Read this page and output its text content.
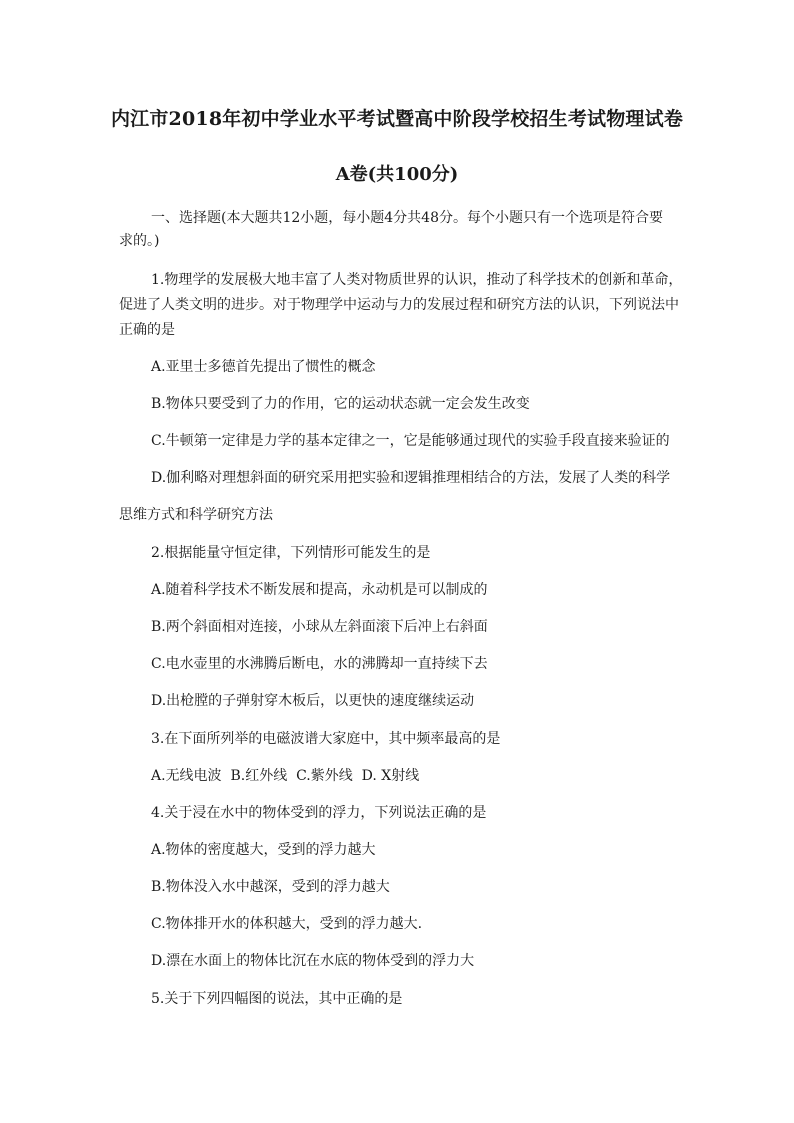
内江市2018年初中学业水平考试暨高中阶段学校招生考试物理试卷
A卷(共100分)
一、选择题(本大题共12小题，每小题4分共48分。每个小题只有一个选项是符合要
求的。)
1.物理学的发展极大地丰富了人类对物质世界的认识，推动了科学技术的创新和革命，
促进了人类文明的进步。对于物理学中运动与力的发展过程和研究方法的认识，下列说法中
正确的是
A.亚里士多德首先提出了惯性的概念
B.物体只要受到了力的作用，它的运动状态就一定会发生改变
C.牛顿第一定律是力学的基本定律之一，它是能够通过现代的实验手段直接来验证的
D.伽利略对理想斜面的研究采用把实验和逻辑推理相结合的方法，发展了人类的科学
思维方式和科学研究方法
2.根据能量守恒定律，下列情形可能发生的是
A.随着科学技术不断发展和提高，永动机是可以制成的
B.两个斜面相对连接，小球从左斜面滚下后冲上右斜面
C.电水壶里的水沸腾后断电，水的沸腾却一直持续下去
D.出枪膛的子弹射穿木板后，以更快的速度继续运动
3.在下面所列举的电磁波谱大家庭中，其中频率最高的是
A.无线电波  B.红外线  C.紫外线  D. X射线
4.关于浸在水中的物体受到的浮力，下列说法正确的是
A.物体的密度越大，受到的浮力越大
B.物体没入水中越深，受到的浮力越大
C.物体排开水的体积越大，受到的浮力越大.
D.漂在水面上的物体比沉在水底的物体受到的浮力大
5.关于下列四幅图的说法，其中正确的是
